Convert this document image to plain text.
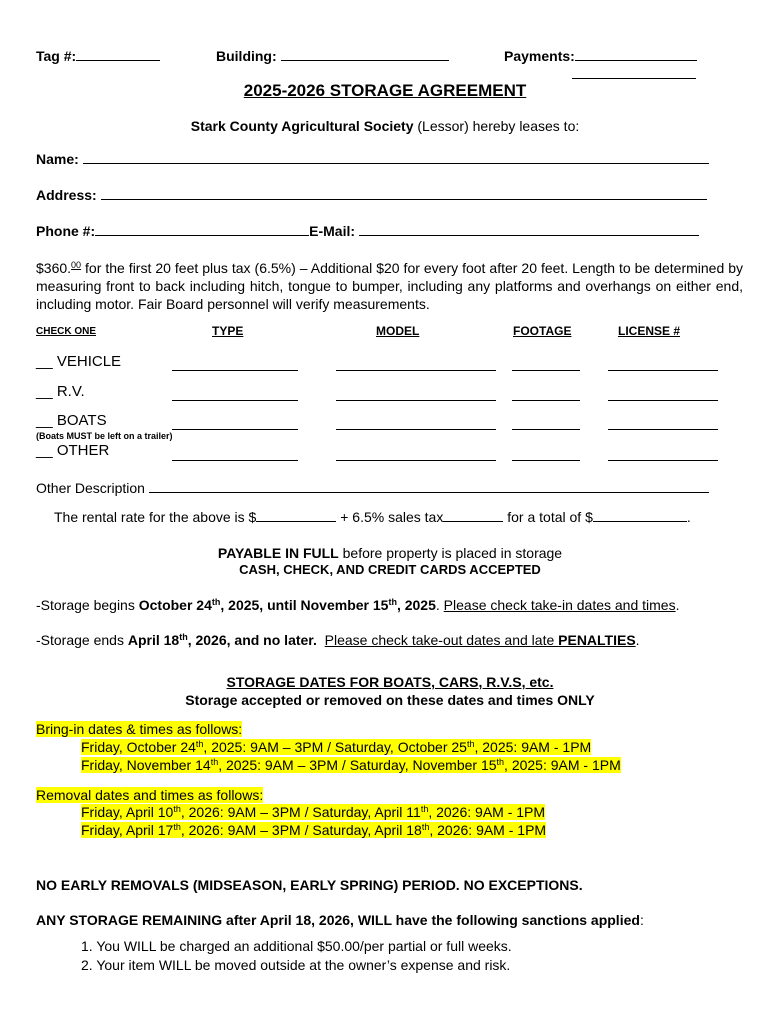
Tag #:	Building:	Payments:
2025-2026 STORAGE AGREEMENT
Stark County Agricultural Society (Lessor) hereby leases to:
Name:
Address:
Phone #:	E-Mail:
$360.00 for the first 20 feet plus tax (6.5%) – Additional $20 for every foot after 20 feet. Length to be determined by measuring front to back including hitch, tongue to bumper, including any platforms and overhangs on either end, including motor. Fair Board personnel will verify measurements.
CHECK ONE	TYPE	MODEL	FOOTAGE	LICENSE #
__ VEHICLE
__ R.V.
__ BOATS
(Boats MUST be left on a trailer)
__ OTHER
Other Description
The rental rate for the above is $	+ 6.5% sales tax	for a total of $	.
PAYABLE IN FULL before property is placed in storage
CASH, CHECK, AND CREDIT CARDS ACCEPTED
-Storage begins October 24th, 2025, until November 15th, 2025. Please check take-in dates and times.
-Storage ends April 18th, 2026, and no later. Please check take-out dates and late PENALTIES.
STORAGE DATES FOR BOATS, CARS, R.V.S, etc.
Storage accepted or removed on these dates and times ONLY
Bring-in dates & times as follows:
Friday, October 24th, 2025: 9AM – 3PM / Saturday, October 25th, 2025: 9AM - 1PM
Friday, November 14th, 2025: 9AM – 3PM / Saturday, November 15th, 2025: 9AM - 1PM
Removal dates and times as follows:
Friday, April 10th, 2026: 9AM – 3PM / Saturday, April 11th, 2026: 9AM - 1PM
Friday, April 17th, 2026: 9AM – 3PM / Saturday, April 18th, 2026: 9AM - 1PM
NO EARLY REMOVALS (MIDSEASON, EARLY SPRING) PERIOD. NO EXCEPTIONS.
ANY STORAGE REMAINING after April 18, 2026, WILL have the following sanctions applied:
1. You WILL be charged an additional $50.00/per partial or full weeks.
2. Your item WILL be moved outside at the owner’s expense and risk.
